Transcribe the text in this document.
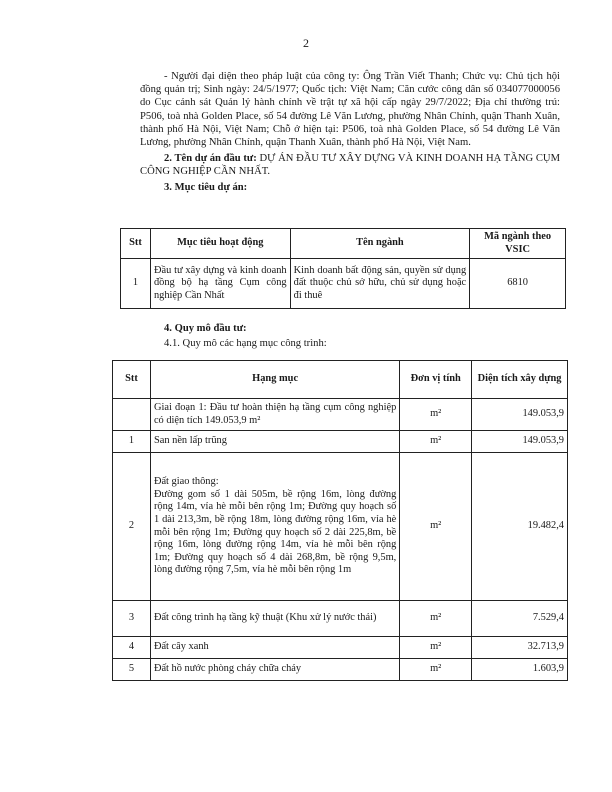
2

- Người đại diện theo pháp luật của công ty: Ông Trần Viết Thanh; Chức vụ: Chủ tịch hội đồng quản trị; Sinh ngày: 24/5/1977; Quốc tịch: Việt Nam; Căn cước công dân số 034077000056 do Cục cảnh sát Quản lý hành chính về trật tự xã hội cấp ngày 29/7/2022; Địa chỉ thường trú: P506, toà nhà Golden Place, số 54 đường Lê Văn Lương, phường Nhân Chính, quận Thanh Xuân, thành phố Hà Nội, Việt Nam; Chỗ ở hiện tại: P506, toà nhà Golden Place, số 54 đường Lê Văn Lương, phường Nhân Chính, quận Thanh Xuân, thành phố Hà Nội, Việt Nam.

2. Tên dự án đầu tư: DỰ ÁN ĐẦU TƯ XÂY DỰNG VÀ KINH DOANH HẠ TẦNG CỤM CÔNG NGHIỆP CẦN NHẤT.

3. Mục tiêu dự án:

Stt	Mục tiêu hoạt động	Tên ngành	Mã ngành theo VSIC
1	Đầu tư xây dựng và kinh doanh đồng bộ hạ tầng Cụm công nghiệp Cần Nhất	Kinh doanh bất động sản, quyền sử dụng đất thuộc chủ sở hữu, chủ sử dụng hoặc đi thuê	6810

4. Quy mô đầu tư:

4.1. Quy mô các hạng mục công trình:

Stt	Hạng mục	Đơn vị tính	Diện tích xây dựng
	Giai đoạn 1: Đầu tư hoàn thiện hạ tầng cụm công nghiệp có diện tích 149.053,9 m²	m²	149.053,9
1	San nền lấp trũng	m²	149.053,9
2	Đất giao thông:
Đường gom số 1 dài 505m, bề rộng 16m, lòng đường rộng 14m, vỉa hè mỗi bên rộng 1m; Đường quy hoạch số 1 dài 213,3m, bề rộng 18m, lòng đường rộng 16m, vỉa hè mỗi bên rộng 1m; Đường quy hoạch số 2 dài 225,8m, bề rộng 16m, lòng đường rộng 14m, vỉa hè mỗi bên rộng 1m; Đường quy hoạch số 4 dài 268,8m, bề rộng 9,5m, lòng đường rộng 7,5m, vỉa hè mỗi bên rộng 1m	m²	19.482,4
3	Đất công trình hạ tầng kỹ thuật (Khu xử lý nước thải)	m²	7.529,4
4	Đất cây xanh	m²	32.713,9
5	Đất hồ nước phòng cháy chữa cháy	m²	1.603,9
